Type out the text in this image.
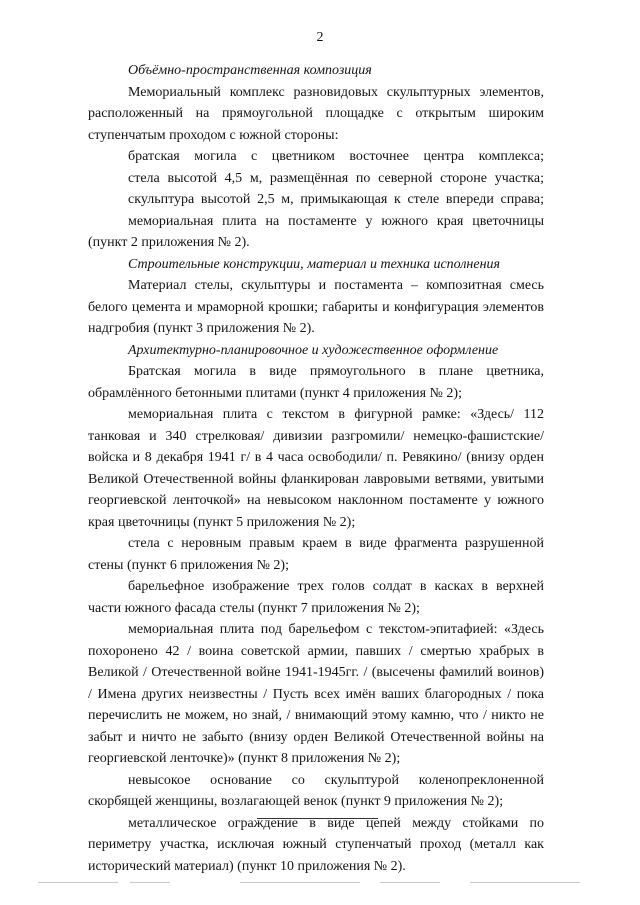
2

Объёмно-пространственная композиция

Мемориальный комплекс разновидовых скульптурных элементов, расположенный на прямоугольной площадке с открытым широким ступенчатым проходом с южной стороны:

братская могила с цветником восточнее центра комплекса;

стела высотой 4,5 м, размещённая по северной стороне участка;

скульптура высотой 2,5 м, примыкающая к стеле впереди справа;

мемориальная плита на постаменте у южного края цветочницы (пункт 2 приложения № 2).

Строительные конструкции, материал и техника исполнения

Материал стелы, скульптуры и постамента – композитная смесь белого цемента и мраморной крошки; габариты и конфигурация элементов надгробия (пункт 3 приложения № 2).

Архитектурно-планировочное и художественное оформление

Братская могила в виде прямоугольного в плане цветника, обрамлённого бетонными плитами (пункт 4 приложения № 2);

мемориальная плита с текстом в фигурной рамке: «Здесь/ 112 танковая и 340 стрелковая/ дивизии разгромили/ немецко-фашистские/ войска и 8 декабря 1941 г/ в 4 часа освободили/ п. Ревякино/ (внизу орден Великой Отечественной войны фланкирован лавровыми ветвями, увитыми георгиевской ленточкой» на невысоком наклонном постаменте у южного края цветочницы (пункт 5 приложения № 2);

стела с неровным правым краем в виде фрагмента разрушенной стены (пункт 6 приложения № 2);

барельефное изображение трех голов солдат в касках в верхней части южного фасада стелы (пункт 7 приложения № 2);

мемориальная плита под барельефом с текстом-эпитафией: «Здесь похоронено 42 / воина советской армии, павших / смертью храбрых в Великой / Отечественной войне 1941-1945гг. / (высечены фамилий воинов) / Имена других неизвестны / Пусть всех имён ваших благородных / пока перечислить не можем, но знай, / внимающий этому камню, что / никто не забыт и ничто не забыто (внизу орден Великой Отечественной войны на георгиевской ленточке)» (пункт 8 приложения № 2);

невысокое основание со скульптурой коленопреклоненной скорбящей женщины, возлагающей венок (пункт 9 приложения № 2);

металлическое ограждение в виде цепей между стойками по периметру участка, исключая южный ступенчатый проход (металл как исторический материал) (пункт 10 приложения № 2).
